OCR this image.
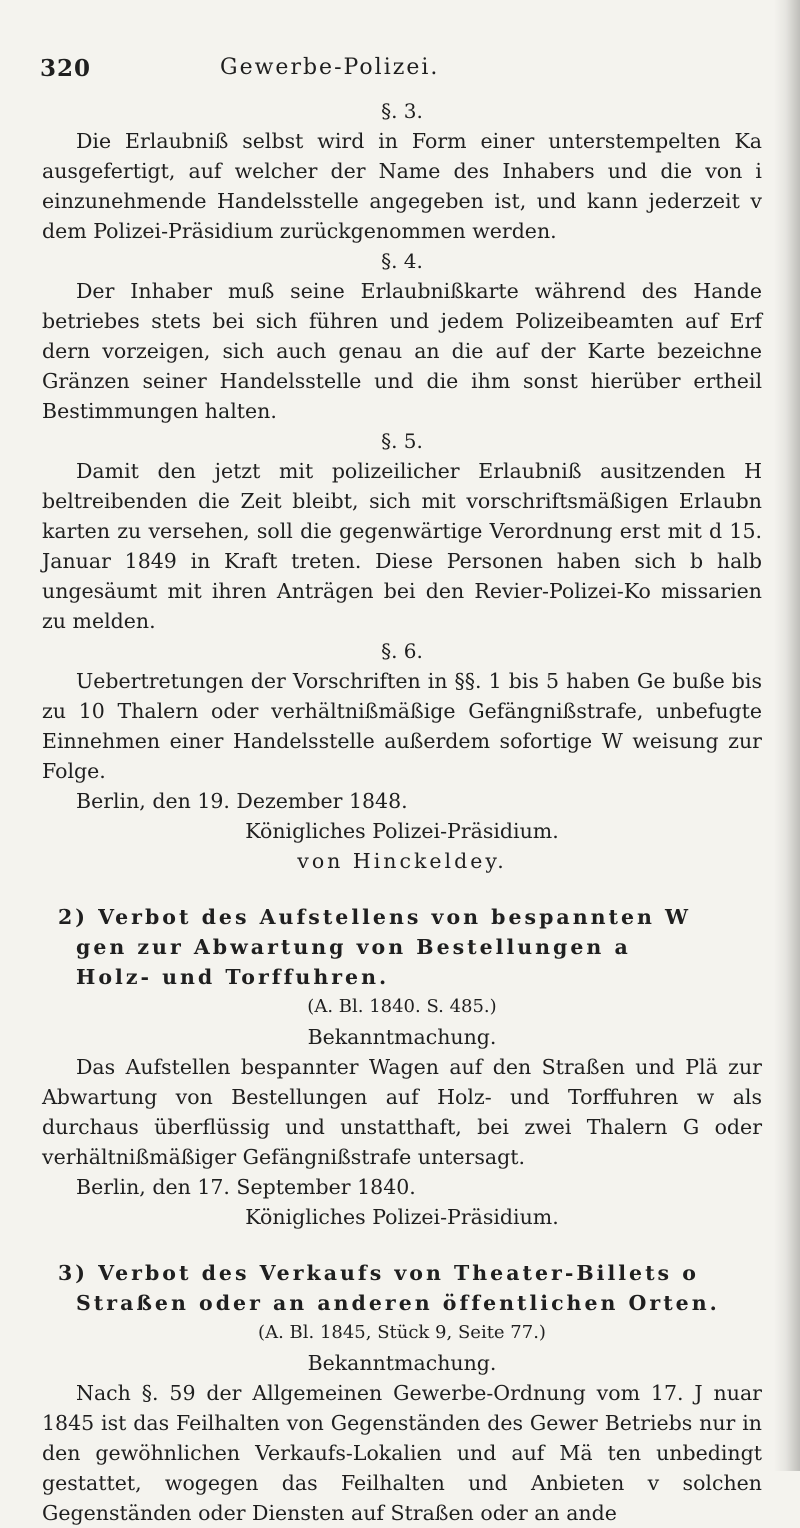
320	Gewerbe-Polizei.

§. 3.

Die Erlaubniß selbst wird in Form einer unterstempelten Ka ausgefertigt, auf welcher der Name des Inhabers und die von i einzunehmende Handelsstelle angegeben ist, und kann jederzeit v dem Polizei-Präsidium zurückgenommen werden.

§. 4.

Der Inhaber muß seine Erlaubnißkarte während des Hande betriebes stets bei sich führen und jedem Polizeibeamten auf Erf dern vorzeigen, sich auch genau an die auf der Karte bezeichne Gränzen seiner Handelsstelle und die ihm sonst hierüber ertheil Bestimmungen halten.

§. 5.

Damit den jetzt mit polizeilicher Erlaubniß ausitzenden H beltreibenden die Zeit bleibt, sich mit vorschriftsmäßigen Erlaubn karten zu versehen, soll die gegenwärtige Verordnung erst mit d 15. Januar 1849 in Kraft treten. Diese Personen haben sich b halb ungesäumt mit ihren Anträgen bei den Revier-Polizei-Ko missarien zu melden.

§. 6.

Uebertretungen der Vorschriften in §§. 1 bis 5 haben Ge buße bis zu 10 Thalern oder verhältnißmäßige Gefängnißstrafe, unbefugte Einnehmen einer Handelsstelle außerdem sofortige W weisung zur Folge.

Berlin, den 19. Dezember 1848.

Königliches Polizei-Präsidium.

von Hinckeldey.

2) Verbot des Aufstellens von bespannten W

gen zur Abwartung von Bestellungen a

Holz- und Torffuhren.

(A. Bl. 1840. S. 485.)

Bekanntmachung.

Das Aufstellen bespannter Wagen auf den Straßen und Plä zur Abwartung von Bestellungen auf Holz- und Torffuhren w als durchaus überflüssig und unstatthaft, bei zwei Thalern G oder verhältnißmäßiger Gefängnißstrafe untersagt.

Berlin, den 17. September 1840.

Königliches Polizei-Präsidium.

3) Verbot des Verkaufs von Theater-Billets o

Straßen oder an anderen öffentlichen Orten.

(A. Bl. 1845, Stück 9, Seite 77.)

Bekanntmachung.

Nach §. 59 der Allgemeinen Gewerbe-Ordnung vom 17. J nuar 1845 ist das Feilhalten von Gegenständen des Gewer Betriebs nur in den gewöhnlichen Verkaufs-Lokalien und auf Mä ten unbedingt gestattet, wogegen das Feilhalten und Anbieten v solchen Gegenständen oder Diensten auf Straßen oder an ande
